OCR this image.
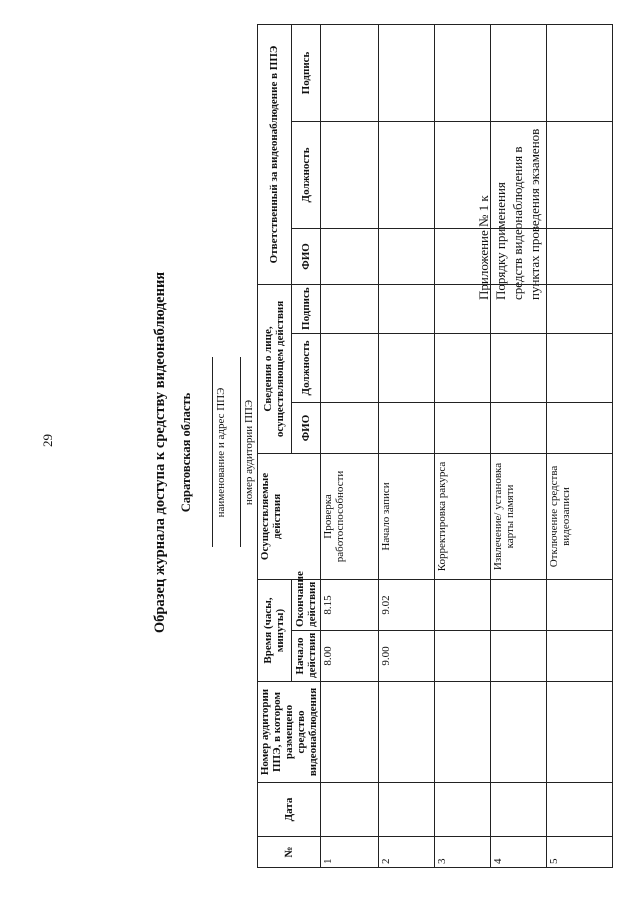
29
Приложение № 1 к Порядку применения средств видеонаблюдения в пунктах проведения экзаменов
Образец журнала доступа к средству видеонаблюдения Саратовская область наименование и адрес ППЭ номер аудитории ППЭ
№	Дата	Номер аудитории ППЭ, в котором размещено средство видеонаблюдения	Время (часы, минуты)		Осуществляемые действия	Сведения о лице, осуществляющем действия			Ответственный за видеонаблюдение в ППЭ		
			Начало действия	Окончание действия		ФИО	Должность	Подпись	ФИО	Должность	Подпись
1			8.00	8.15	Проверка работоспособности						
2			9.00	9.02	Начало записи						
3					Корректировка ракурса						
4					Извлечение/ установка карты памяти						
5					Отключение средства видеозаписи						
